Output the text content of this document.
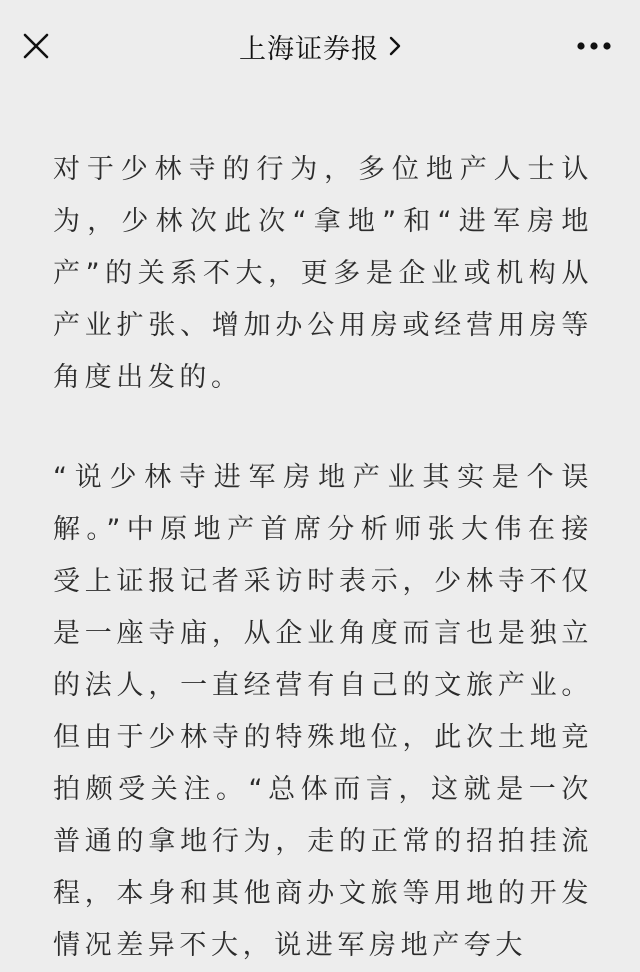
上海证券报

对于少林寺的行为，多位地产人士认为，少林次此次“拿地”和“进军房地产”的关系不大，更多是企业或机构从产业扩张、增加办公用房或经营用房等角度出发的。

“说少林寺进军房地产业其实是个误解。”中原地产首席分析师张大伟在接受上证报记者采访时表示，少林寺不仅是一座寺庙，从企业角度而言也是独立的法人，一直经营有自己的文旅产业。但由于少林寺的特殊地位，此次土地竞拍颇受关注。“总体而言，这就是一次普通的拿地行为，走的正常的招拍挂流程，本身和其他商办文旅等用地的开发情况差异不大，说进军房地产夸大
